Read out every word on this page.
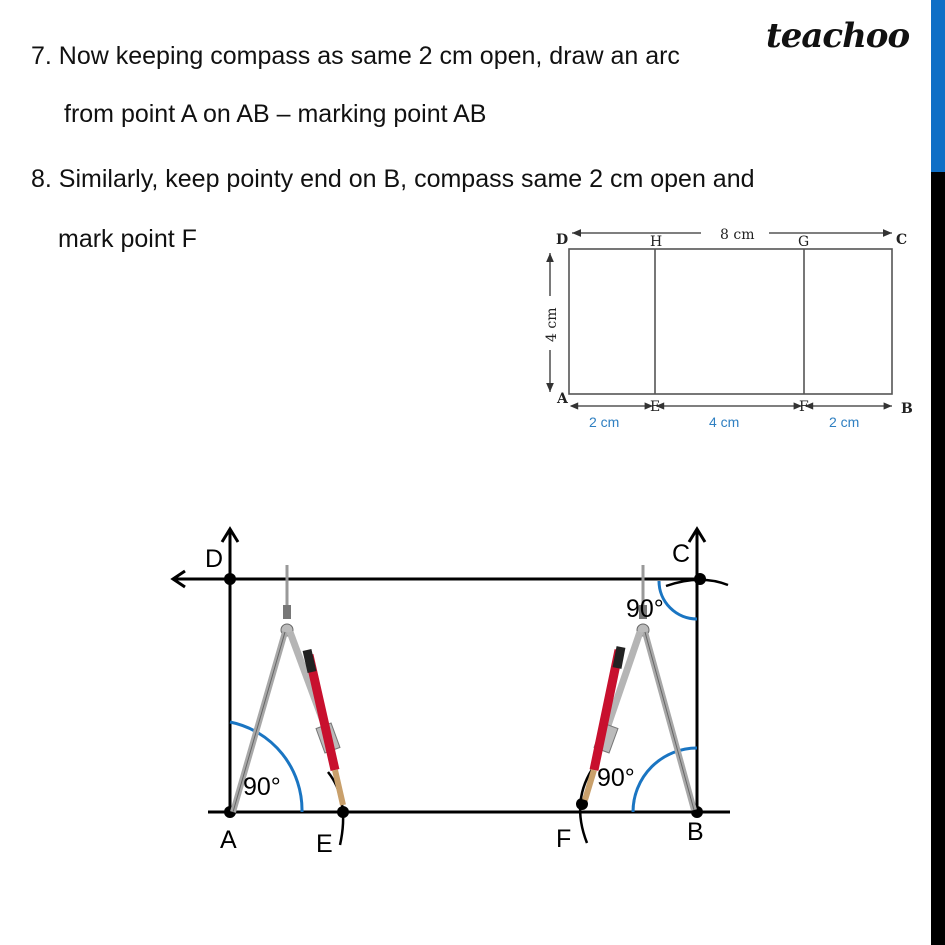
teachoo
7. Now keeping compass as same 2 cm open, draw an arc
from point A on AB – marking point AB
8. Similarly, keep pointy end on B, compass same 2 cm open and
mark point F	D	H	G	C
A	E	F	B
8 cm
4 cm
2 cm	4 cm	2 cm
D
A	E	F	B
C
90°	90°
90°
